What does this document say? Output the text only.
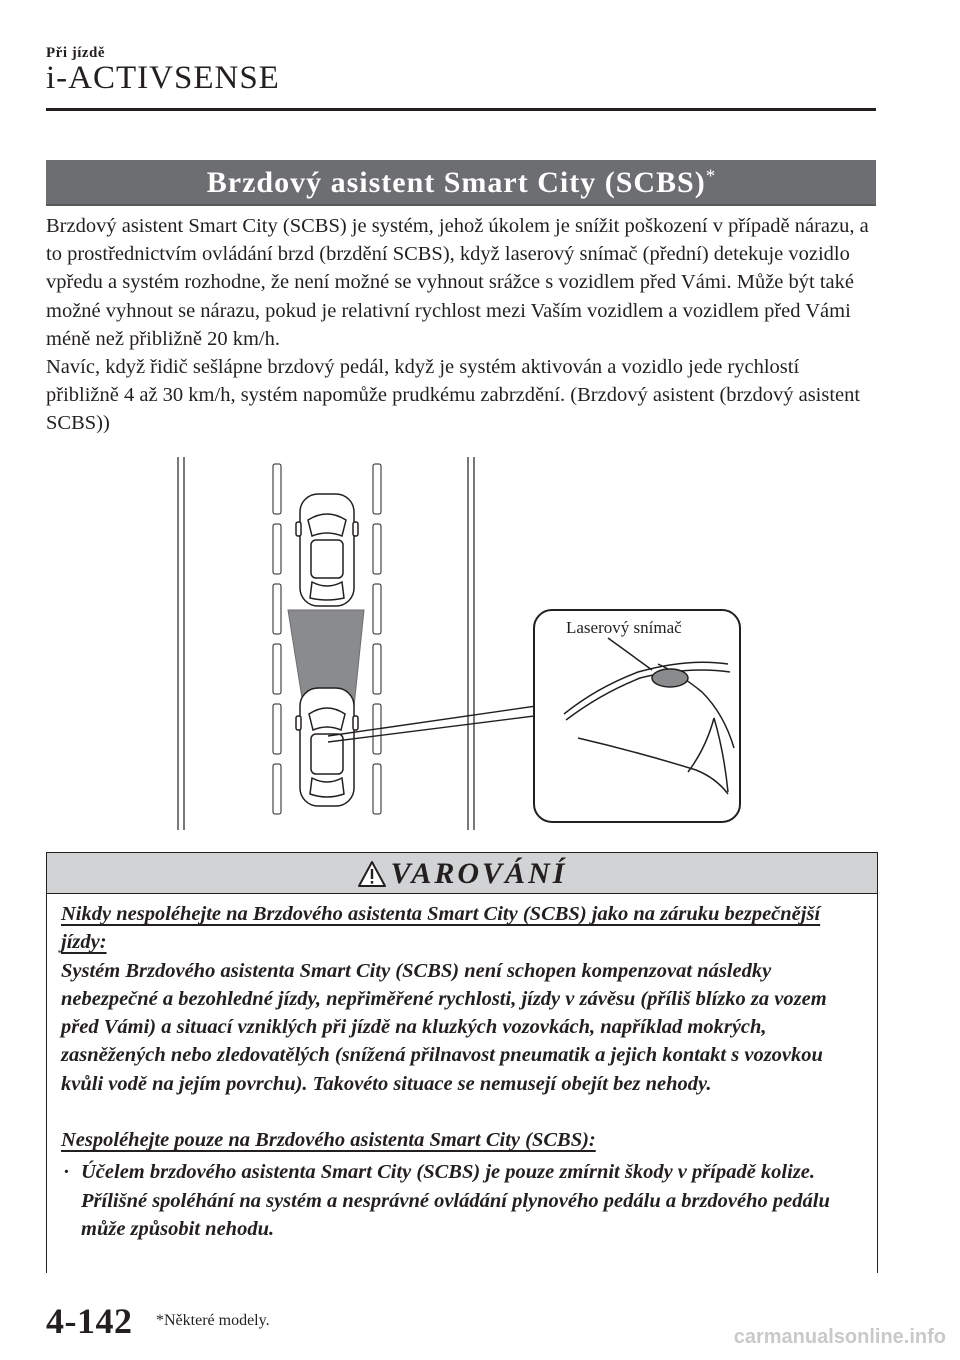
Při jízdě
i-ACTIVSENSE
Brzdový asistent Smart City (SCBS)*

Brzdový asistent Smart City (SCBS) je systém, jehož úkolem je snížit poškození v případě nárazu, a to prostřednictvím ovládání brzd (brzdění SCBS), když laserový snímač (přední) detekuje vozidlo vpředu a systém rozhodne, že není možné se vyhnout srážce s vozidlem před Vámi. Může být také možné vyhnout se nárazu, pokud je relativní rychlost mezi Vaším vozidlem a vozidlem před Vámi méně než přibližně 20 km/h.

Navíc, když řidič sešlápne brzdový pedál, když je systém aktivován a vozidlo jede rychlostí přibližně 4 až 30 km/h, systém napomůže prudkému zabrzdění. (Brzdový asistent (brzdový asistent SCBS))

Laserový snímač
VAROVÁNÍ

Nikdy nespoléhejte na Brzdového asistenta Smart City (SCBS) jako na záruku bezpečnější jízdy:

Systém Brzdového asistenta Smart City (SCBS) není schopen kompenzovat následky nebezpečné a bezohledné jízdy, nepřiměřené rychlosti, jízdy v závěsu (příliš blízko za vozem před Vámi) a situací vzniklých při jízdě na kluzkých vozovkách, například mokrých, zasněžených nebo zledovatělých (snížená přilnavost pneumatik a jejich kontakt s vozovkou kvůli vodě na jejím povrchu). Takovéto situace se nemusejí obejít bez nehody.

Nespoléhejte pouze na Brzdového asistenta Smart City (SCBS):

· Účelem brzdového asistenta Smart City (SCBS) je pouze zmírnit škody v případě kolize. Přílišné spoléhání na systém a nesprávné ovládání plynového pedálu a brzdového pedálu může způsobit nehodu.
4-142 *Některé modely.
carmanualsonline.info
